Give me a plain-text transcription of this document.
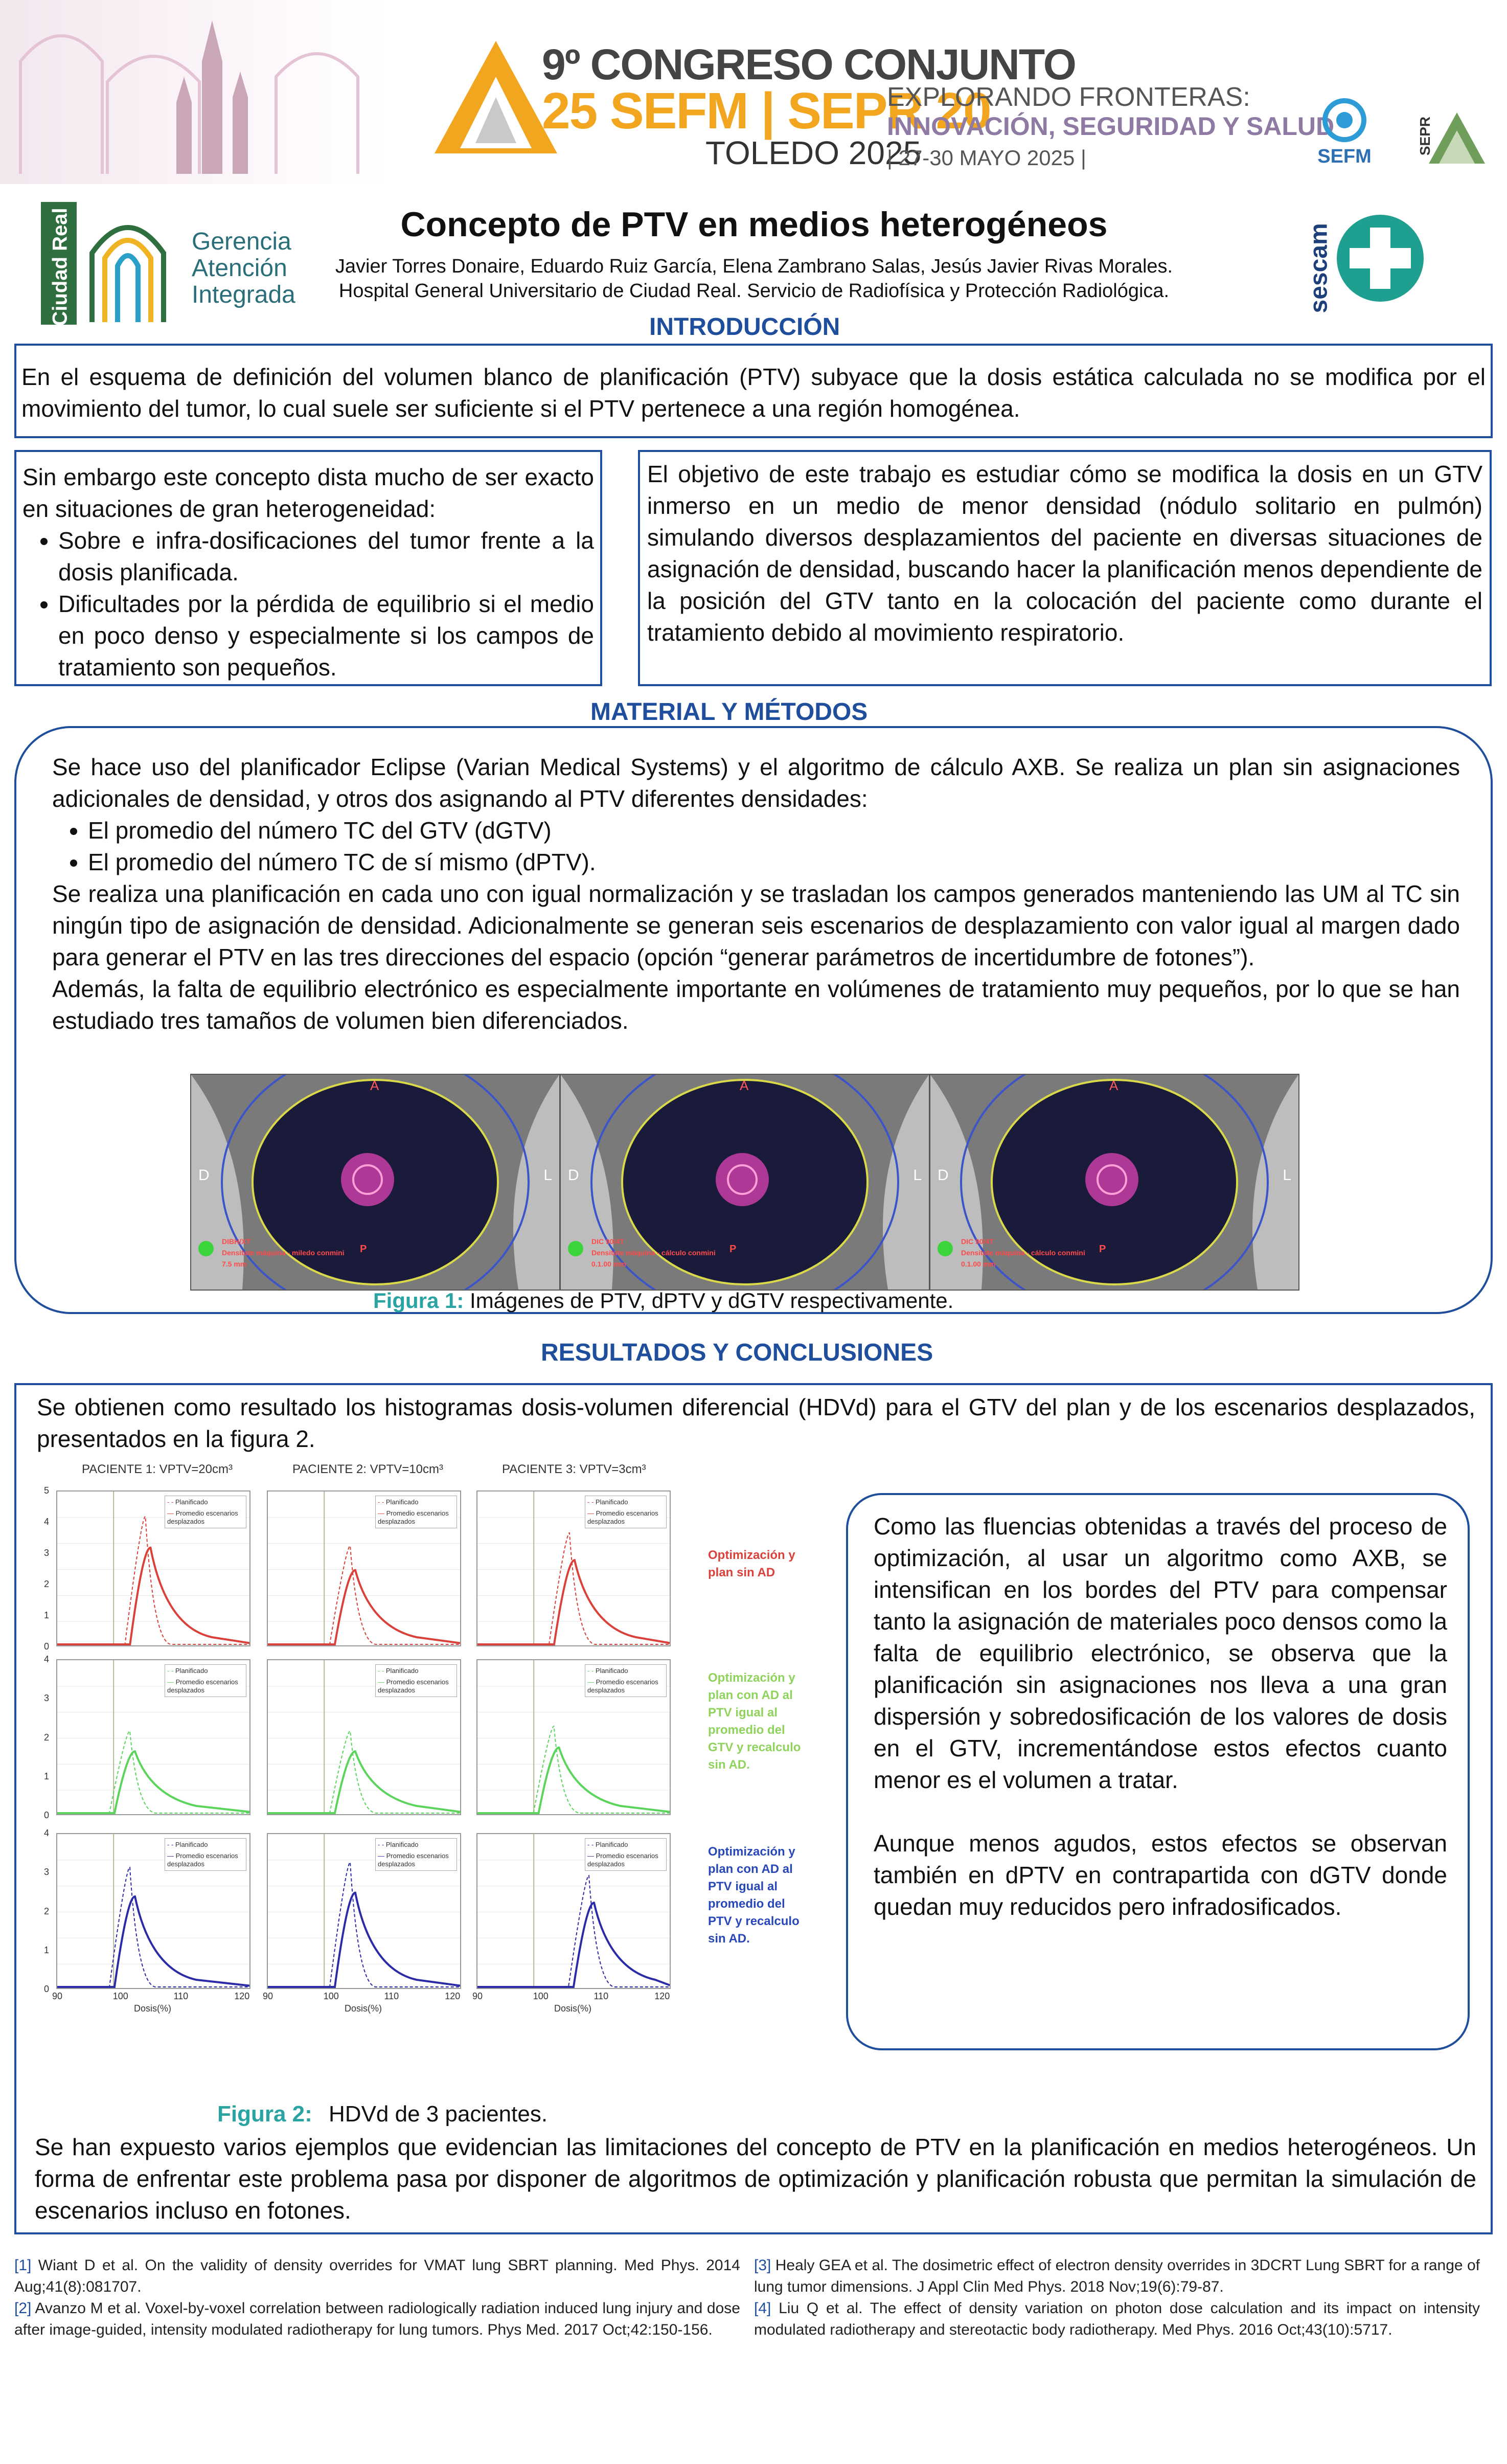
9º CONGRESO CONJUNTO
25 SEFM | SEPR 20
TOLEDO 2025
EXPLORANDO FRONTERAS:
INNOVACIÓN, SEGURIDAD Y SALUD
| 27-30 MAYO 2025 |	SEFM
SEPR
Ciudad Real	Gerencia
Atención
Integrada	sescam
Concepto de PTV en medios heterogéneos
Javier Torres Donaire, Eduardo Ruiz García, Elena Zambrano Salas, Jesús Javier Rivas Morales.
Hospital General Universitario de Ciudad Real. Servicio de Radiofísica y Protección Radiológica.
INTRODUCCIÓN
En el esquema de definición del volumen blanco de planificación (PTV) subyace que la dosis estática calculada no se modifica por el movimiento del tumor, lo cual suele ser suficiente si el PTV pertenece a una región homogénea.
Sin embargo este concepto dista mucho de ser exacto en situaciones de gran heterogeneidad:
• Sobre e infra-dosificaciones del tumor frente a la dosis planificada.
• Dificultades por la pérdida de equilibrio si el medio en poco denso y especialmente si los campos de tratamiento son pequeños.
El objetivo de este trabajo es estudiar cómo se modifica la dosis en un GTV inmerso en un medio de menor densidad (nódulo solitario en pulmón) simulando diversos desplazamientos del paciente en diversas situaciones de asignación de densidad, buscando hacer la planificación menos dependiente de la posición del GTV tanto en la colocación del paciente como durante el tratamiento debido al movimiento respiratorio.
MATERIAL Y MÉTODOS
Se hace uso del planificador Eclipse (Varian Medical Systems) y el algoritmo de cálculo AXB. Se realiza un plan sin asignaciones adicionales de densidad, y otros dos asignando al PTV diferentes densidades:
• El promedio del número TC del GTV (dGTV)
• El promedio del número TC de sí mismo (dPTV).
Se realiza una planificación en cada uno con igual normalización y se trasladan los campos generados manteniendo las UM al TC sin ningún tipo de asignación de densidad. Adicionalmente se generan seis escenarios de desplazamiento con valor igual al margen dado para generar el PTV en las tres direcciones del espacio (opción “generar parámetros de incertidumbre de fotones”).
Además, la falta de equilibrio electrónico es especialmente importante en volúmenes de tratamiento muy pequeños, por lo que se han estudiado tres tamaños de volumen bien diferenciados.
A
D	L
DIBH/XT
Densitate máquina - miledo conmini
7.5 mm
P
A
D	L
DIC 90/4T
Densitate máquina - cálculo conmini
0.1.00 mm
P
A
D	L
DIC 90/4T
Densitate máquina - cálculo conmini
0.1.00 mm
P
Figura 1: Imágenes de PTV, dPTV y dGTV respectivamente.
RESULTADOS Y CONCLUSIONES
Se obtienen como resultado los histogramas dosis-volumen diferencial (HDVd) para el GTV del plan y de los escenarios desplazados, presentados en la figura 2.
PACIENTE 1: VPTV=20cm³	PACIENTE 2: VPTV=10cm³	PACIENTE 3: VPTV=3cm³
- - Planificado
— Promedio escenarios desplazados
5
4
3
2
1
0
- - Planificado
— Promedio escenarios desplazados
- - Planificado
— Promedio escenarios desplazados
Optimización y plan sin AD
- - Planificado
— Promedio escenarios desplazados
4
3
2
1
0
- - Planificado
— Promedio escenarios desplazados
- - Planificado
— Promedio escenarios desplazados
Optimización y plan con AD al PTV igual al promedio del GTV y recalculo sin AD.
- - Planificado
— Promedio escenarios desplazados
4
3
2
1
0
90	100	110	120
Dosis(%)
- - Planificado
— Promedio escenarios desplazados
90	100	110	120
Dosis(%)
- - Planificado
— Promedio escenarios desplazados
90	100	110	120
Dosis(%)
Optimización y plan con AD al PTV igual al promedio del PTV y recalculo sin AD.
Como las fluencias obtenidas a través del proceso de optimización, al usar un algoritmo como AXB, se intensifican en los bordes del PTV para compensar tanto la asignación de materiales poco densos como la falta de equilibrio electrónico, se observa que la planificación sin asignaciones nos lleva a una gran dispersión y sobredosificación de los valores de dosis en el GTV, incrementándose estos efectos cuanto menor es el volumen a tratar.
Aunque menos agudos, estos efectos se observan también en dPTV en contrapartida con dGTV donde quedan muy reducidos pero infradosificados.
Figura 2: HDVd de 3 pacientes.
Se han expuesto varios ejemplos que evidencian las limitaciones del concepto de PTV en la planificación en medios heterogéneos. Un forma de enfrentar este problema pasa por disponer de algoritmos de optimización y planificación robusta que permitan la simulación de escenarios incluso en fotones.
[1] Wiant D et al. On the validity of density overrides for VMAT lung SBRT planning. Med Phys. 2014 Aug;41(8):081707.
[2] Avanzo M et al. Voxel-by-voxel correlation between radiologically radiation induced lung injury and dose after image-guided, intensity modulated radiotherapy for lung tumors. Phys Med. 2017 Oct;42:150-156.
[3] Healy GEA et al. The dosimetric effect of electron density overrides in 3DCRT Lung SBRT for a range of lung tumor dimensions. J Appl Clin Med Phys. 2018 Nov;19(6):79-87.
[4] Liu Q et al. The effect of density variation on photon dose calculation and its impact on intensity modulated radiotherapy and stereotactic body radiotherapy. Med Phys. 2016 Oct;43(10):5717.
